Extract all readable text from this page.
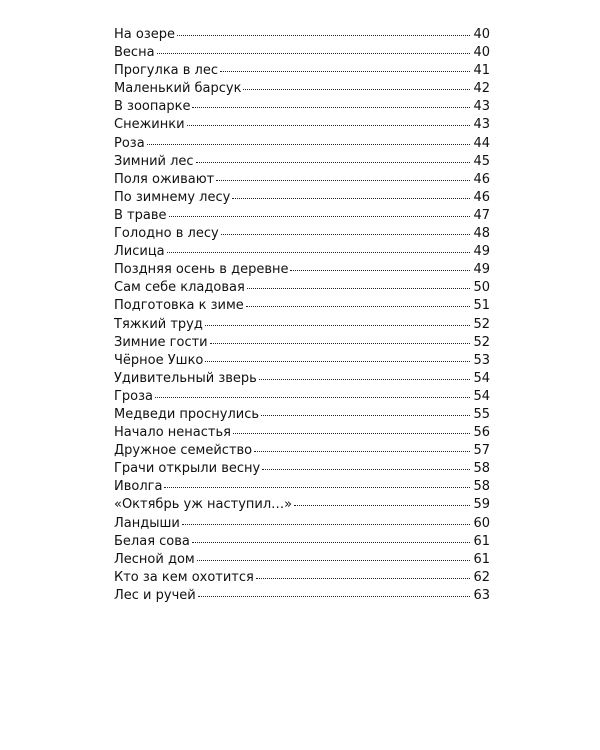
На озере	40
Весна	40
Прогулка в лес	41
Маленький барсук	42
В зоопарке	43
Снежинки	43
Роза	44
Зимний лес	45
Поля оживают	46
По зимнему лесу	46
В траве	47
Голодно в лесу	48
Лисица	49
Поздняя осень в деревне	49
Сам себе кладовая	50
Подготовка к зиме	51
Тяжкий труд	52
Зимние гости	52
Чёрное Ушко	53
Удивительный зверь	54
Гроза	54
Медведи проснулись	55
Начало ненастья	56
Дружное семейство	57
Грачи открыли весну	58
Иволга	58
«Октябрь уж наступил…»	59
Ландыши	60
Белая сова	61
Лесной дом	61
Кто за кем охотится	62
Лес и ручей	63
